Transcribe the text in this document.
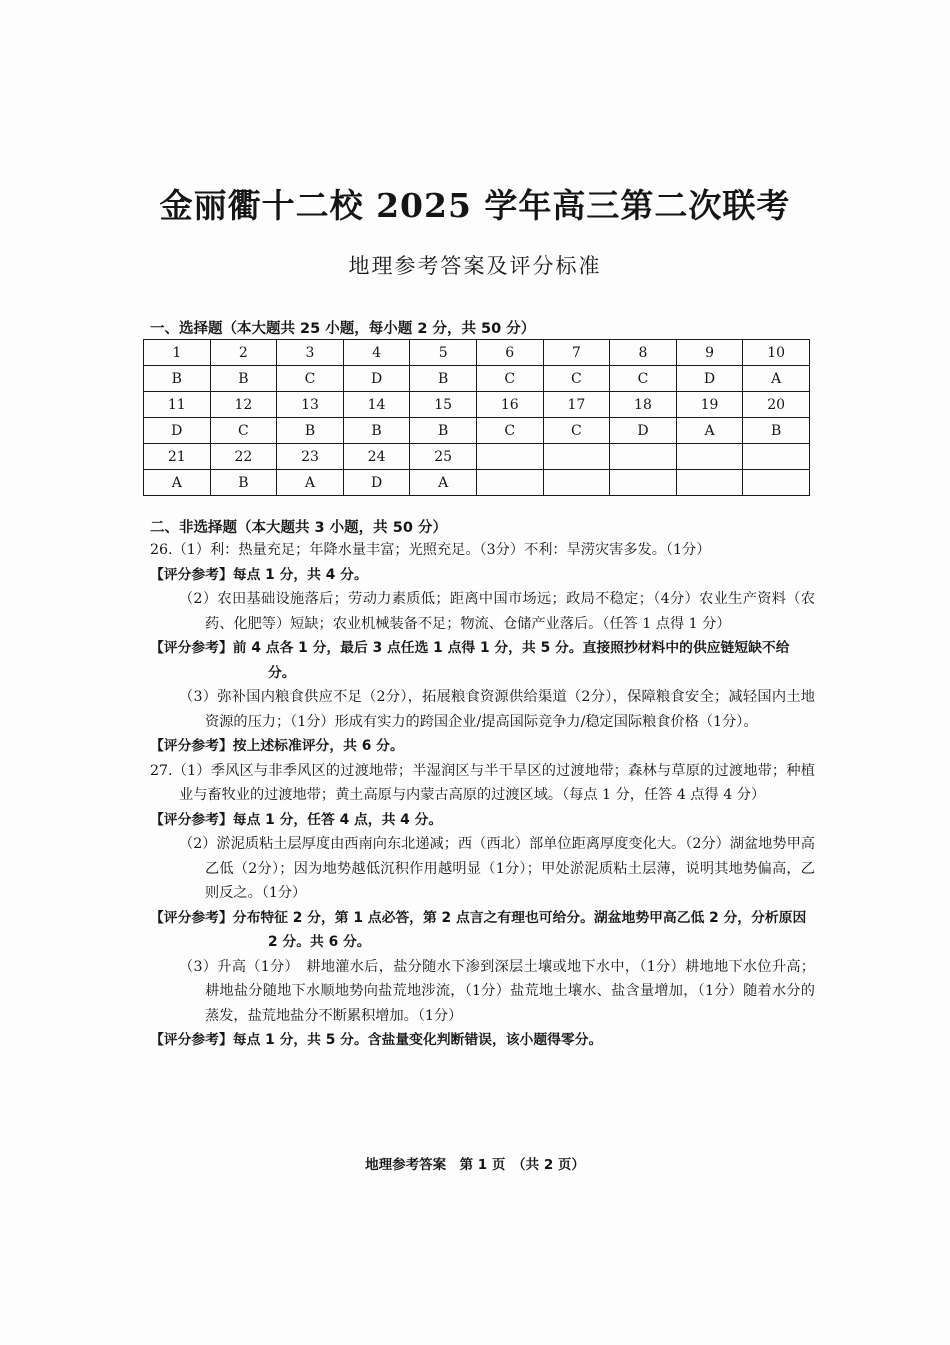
金丽衢十二校 2025 学年高三第二次联考
地理参考答案及评分标准
一、选择题（本大题共 25 小题，每小题 2 分，共 50 分）
1	2	3	4	5	6	7	8	9	10
B	B	C	D	B	C	C	C	D	A
11	12	13	14	15	16	17	18	19	20
D	C	B	B	B	C	C	D	A	B
21	22	23	24	25					
A	B	A	D	A					
二、非选择题（本大题共 3 小题，共 50 分）

26.（1）利：热量充足；年降水量丰富；光照充足。（3分）不利：旱涝灾害多发。（1分）

【评分参考】每点 1 分，共 4 分。

（2）农田基础设施落后；劳动力素质低；距离中国市场远；政局不稳定；（4分）农业生产资料（农药、化肥等）短缺；农业机械装备不足；物流、仓储产业落后。（任答 1 点得 1 分）

【评分参考】前 4 点各 1 分，最后 3 点任选 1 点得 1 分，共 5 分。直接照抄材料中的供应链短缺不给分。

（3）弥补国内粮食供应不足（2分），拓展粮食资源供给渠道（2分），保障粮食安全；减轻国内土地资源的压力；（1分）形成有实力的跨国企业/提高国际竞争力/稳定国际粮食价格（1分）。

【评分参考】按上述标准评分，共 6 分。

27.（1）季风区与非季风区的过渡地带；半湿润区与半干旱区的过渡地带；森林与草原的过渡地带；种植业与畜牧业的过渡地带；黄土高原与内蒙古高原的过渡区域。（每点 1 分，任答 4 点得 4 分）

【评分参考】每点 1 分，任答 4 点，共 4 分。

（2）淤泥质粘土层厚度由西南向东北递减；西（西北）部单位距离厚度变化大。（2分）湖盆地势甲高乙低（2分）；因为地势越低沉积作用越明显（1分）；甲处淤泥质粘土层薄，说明其地势偏高，乙则反之。（1分）

【评分参考】分布特征 2 分，第 1 点必答，第 2 点言之有理也可给分。湖盆地势甲高乙低 2 分，分析原因 2 分。共 6 分。

（3）升高（1分）　耕地灌水后，盐分随水下渗到深层土壤或地下水中，（1分）耕地地下水位升高；耕地盐分随地下水顺地势向盐荒地涉流，（1分）盐荒地土壤水、盐含量增加，（1分）随着水分的蒸发，盐荒地盐分不断累积增加。（1分）

【评分参考】每点 1 分，共 5 分。含盐量变化判断错误，该小题得零分。

地理参考答案　第 1 页　（共 2 页）
